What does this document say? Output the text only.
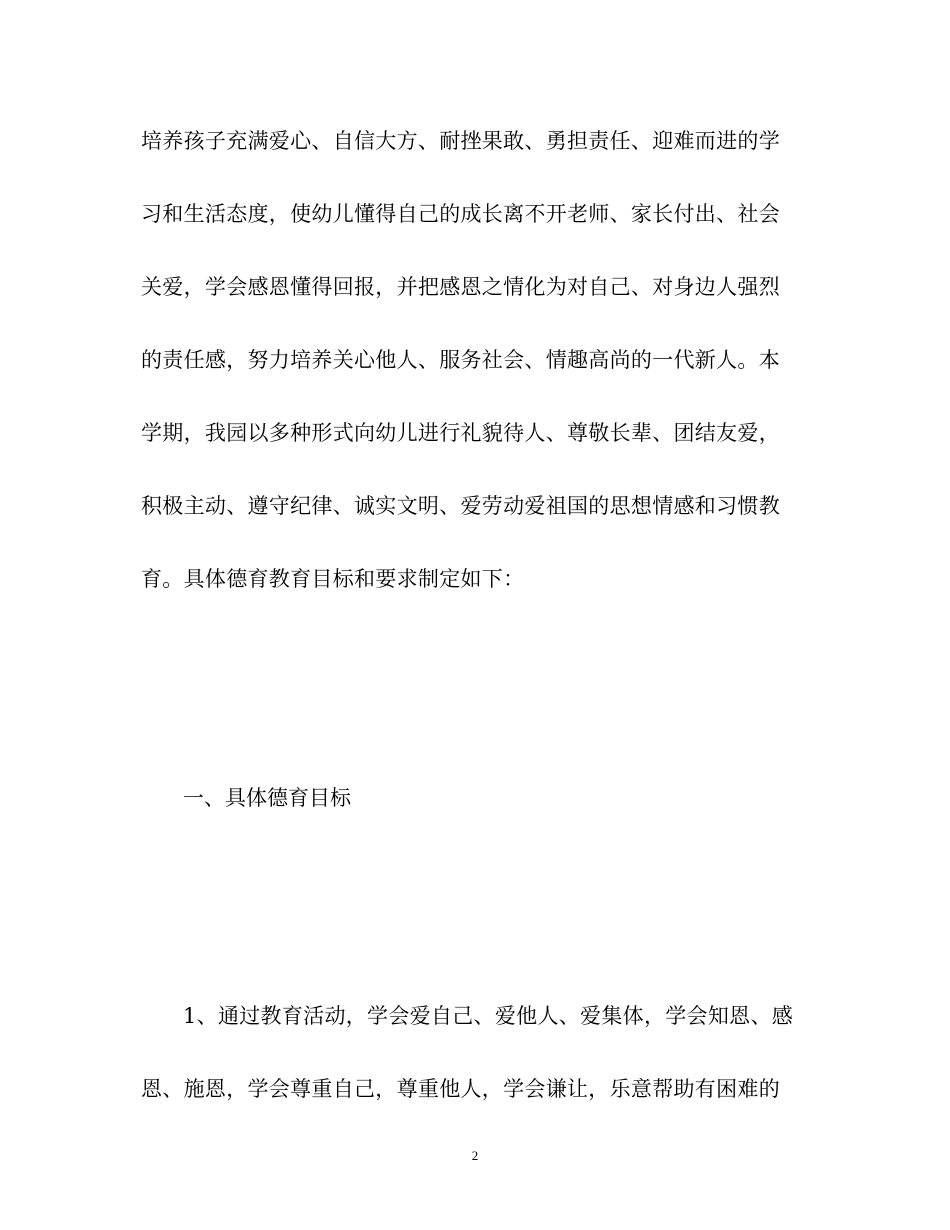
培养孩子充满爱心、自信大方、耐挫果敢、勇担责任、迎难而进的学
习和生活态度，使幼儿懂得自己的成长离不开老师、家长付出、社会
关爱，学会感恩懂得回报，并把感恩之情化为对自己、对身边人强烈
的责任感，努力培养关心他人、服务社会、情趣高尚的一代新人。本
学期，我园以多种形式向幼儿进行礼貌待人、尊敬长辈、团结友爱，
积极主动、遵守纪律、诚实文明、爱劳动爱祖国的思想情感和习惯教
育。具体德育教育目标和要求制定如下：
一、具体德育目标
1、通过教育活动，学会爱自己、爱他人、爱集体，学会知恩、感
恩、施恩，学会尊重自己，尊重他人，学会谦让，乐意帮助有困难的
2
